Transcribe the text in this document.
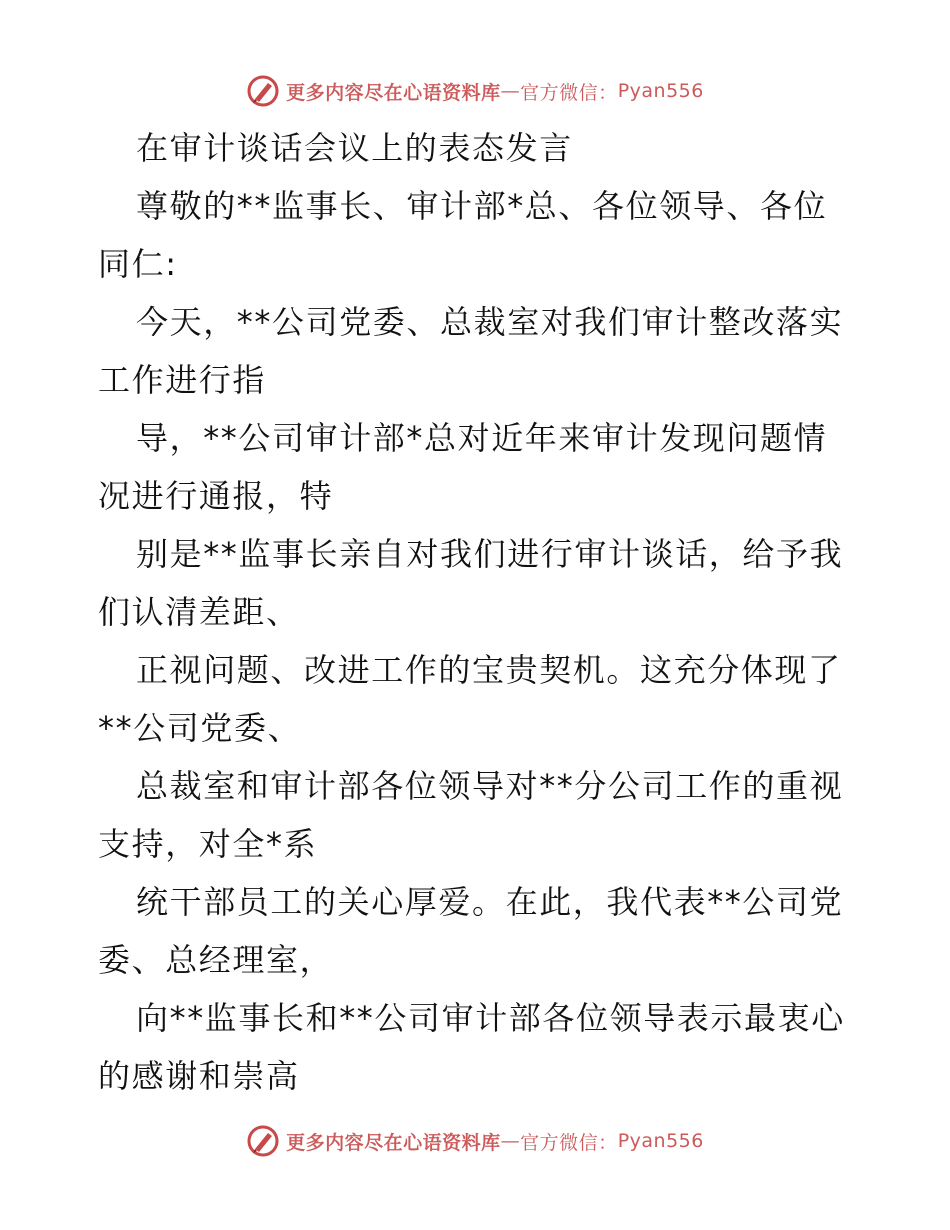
更多内容尽在心语资料库 — 官方微信： Pyan556
在审计谈话会议上的表态发言
尊敬的**监事长、审计部*总、各位领导、各位
同仁:
今天，**公司党委、总裁室对我们审计整改落实
工作进行指
导，**公司审计部*总对近年来审计发现问题情
况进行通报，特
别是**监事长亲自对我们进行审计谈话，给予我
们认清差距、
正视问题、改进工作的宝贵契机。这充分体现了
**公司党委、
总裁室和审计部各位领导对**分公司工作的重视
支持，对全*系
统干部员工的关心厚爱。在此，我代表**公司党
委、总经理室，
向**监事长和**公司审计部各位领导表示最衷心
的感谢和崇高
更多内容尽在心语资料库 — 官方微信： Pyan556
